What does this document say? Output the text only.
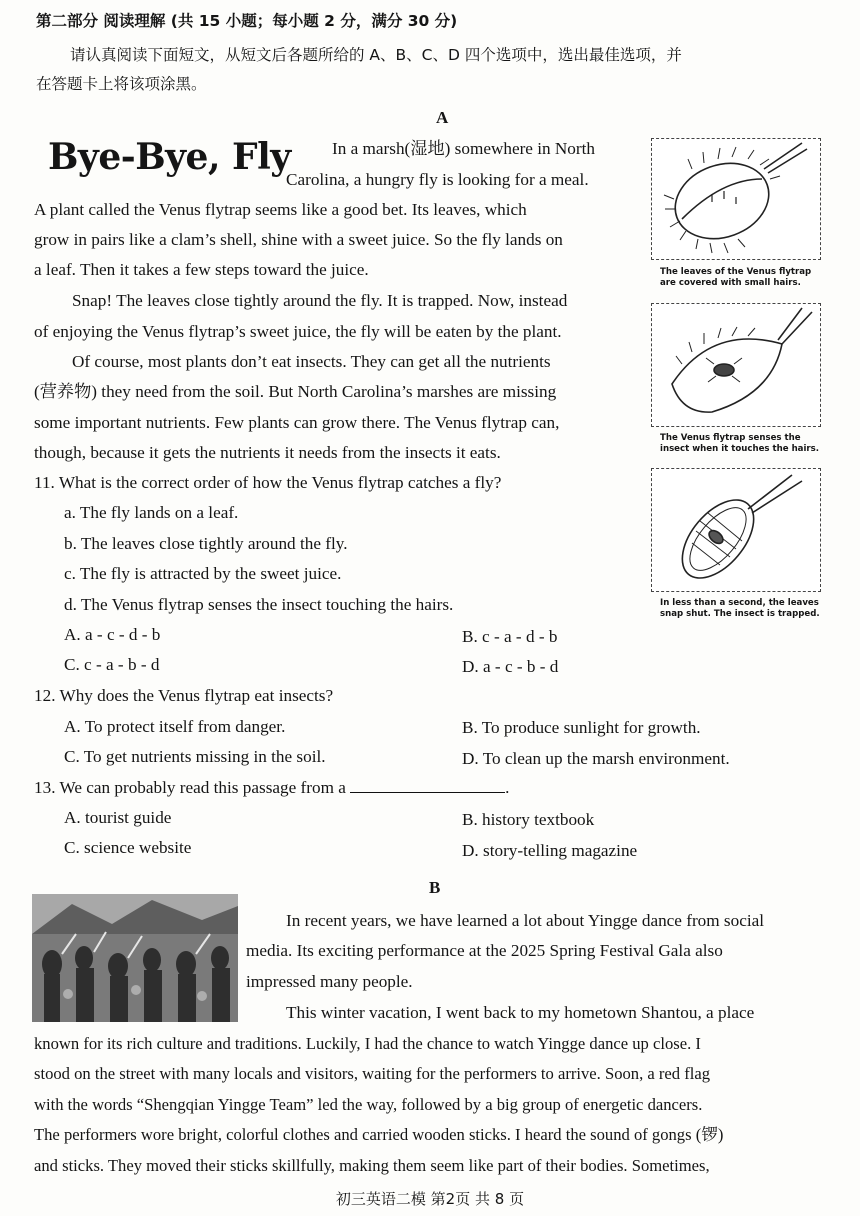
第二部分 阅读理解 (共 15 小题；每小题 2 分，满分 30 分)
请认真阅读下面短文，从短文后各题所给的 A、B、C、D 四个选项中，选出最佳选项，并
在答题卡上将该项涂黑。
A
Bye-Bye, Fly In a marsh(湿地) somewhere in North
Carolina, a hungry fly is looking for a meal.
A plant called the Venus flytrap seems like a good bet. Its leaves, which
grow in pairs like a clam’s shell, shine with a sweet juice. So the fly lands on
a leaf. Then it takes a few steps toward the juice.
Snap! The leaves close tightly around the fly. It is trapped. Now, instead
of enjoying the Venus flytrap’s sweet juice, the fly will be eaten by the plant.
Of course, most plants don’t eat insects. They can get all the nutrients
(营养物) they need from the soil. But North Carolina’s marshes are missing
some important nutrients. Few plants can grow there. The Venus flytrap can,
though, because it gets the nutrients it needs from the insects it eats.
The leaves of the Venus flytrap
are covered with small hairs.
The Venus flytrap senses the
insect when it touches the hairs.
In less than a second, the leaves
snap shut. The insect is trapped.
11. What is the correct order of how the Venus flytrap catches a fly?
a. The fly lands on a leaf.
b. The leaves close tightly around the fly.
c. The fly is attracted by the sweet juice.
d. The Venus flytrap senses the insect touching the hairs.
A. a - c - d - b	B. c - a - d - b
C. c - a - b - d	D. a - c - b - d
12. Why does the Venus flytrap eat insects?
A. To protect itself from danger.	B. To produce sunlight for growth.
C. To get nutrients missing in the soil.	D. To clean up the marsh environment.
13. We can probably read this passage from a	.
A. tourist guide	B. history textbook
C. science website	D. story-telling magazine
B
In recent years, we have learned a lot about Yingge dance from social
media. Its exciting performance at the 2025 Spring Festival Gala also
impressed many people.
This winter vacation, I went back to my hometown Shantou, a place
known for its rich culture and traditions. Luckily, I had the chance to watch Yingge dance up close. I
stood on the street with many locals and visitors, waiting for the performers to arrive. Soon, a red flag
with the words “Shengqian Yingge Team” led the way, followed by a big group of energetic dancers.
The performers wore bright, colorful clothes and carried wooden sticks. I heard the sound of gongs (锣)
and sticks. They moved their sticks skillfully, making them seem like part of their bodies. Sometimes,
初三英语二模 第2页 共 8 页
